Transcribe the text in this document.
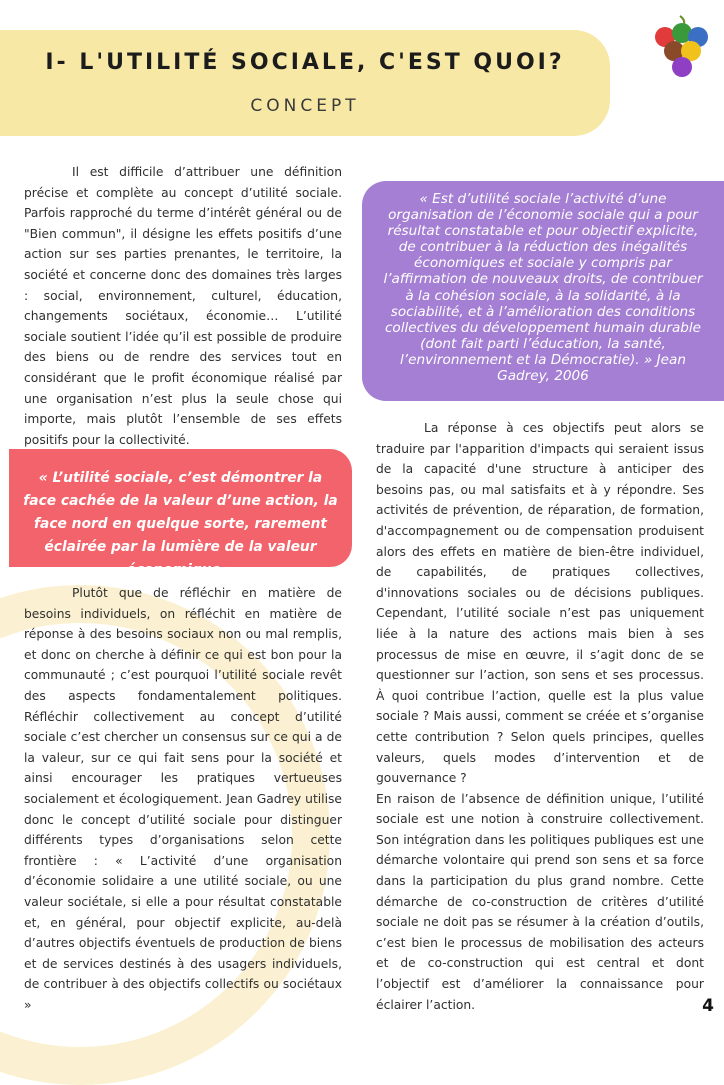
I- L'UTILITÉ SOCIALE, C'EST QUOI?
CONCEPT

Il est difficile d’attribuer une définition précise et complète au concept d’utilité sociale. Parfois rapproché du terme d’intérêt général ou de "Bien commun", il désigne les effets positifs d’une action sur ses parties prenantes, le territoire, la société et concerne donc des domaines très larges : social, environnement, culturel, éducation, changements sociétaux, économie… L’utilité sociale soutient l’idée qu’il est possible de produire des biens ou de rendre des services tout en considérant que le profit économique réalisé par une organisation n’est plus la seule chose qui importe, mais plutôt l’ensemble de ses effets positifs pour la collectivité.

« L’utilité sociale, c’est démontrer la face cachée de la valeur d’une action, la face nord en quelque sorte, rarement éclairée par la lumière de la valeur économique »

Plutôt que de réfléchir en matière de besoins individuels, on réfléchit en matière de réponse à des besoins sociaux non ou mal remplis, et donc on cherche à définir ce qui est bon pour la communauté ; c’est pourquoi l’utilité sociale revêt des aspects fondamentalement politiques. Réfléchir collectivement au concept d’utilité sociale c’est chercher un consensus sur ce qui a de la valeur, sur ce qui fait sens pour la société et ainsi encourager les pratiques vertueuses socialement et écologiquement. Jean Gadrey utilise donc le concept d’utilité sociale pour distinguer différents types d’organisations selon cette frontière : « L’activité d’une organisation d’économie solidaire a une utilité sociale, ou une valeur sociétale, si elle a pour résultat constatable et, en général, pour objectif explicite, au-delà d’autres objectifs éventuels de production de biens et de services destinés à des usagers individuels, de contribuer à des objectifs collectifs ou sociétaux »

« Est d’utilité sociale l’activité d’une organisation de l’économie sociale qui a pour résultat constatable et pour objectif explicite, de contribuer à la réduction des inégalités économiques et sociale y compris par l’affirmation de nouveaux droits, de contribuer à la cohésion sociale, à la solidarité, à la sociabilité, et à l’amélioration des conditions collectives du développement humain durable (dont fait parti l’éducation, la santé, l’environnement et la Démocratie). » Jean Gadrey, 2006

La réponse à ces objectifs peut alors se traduire par l'apparition d'impacts qui seraient issus de la capacité d'une structure à anticiper des besoins pas, ou mal satisfaits et à y répondre. Ses activités de prévention, de réparation, de formation, d'accompagnement ou de compensation produisent alors des effets en matière de bien-être individuel, de capabilités, de pratiques collectives, d'innovations sociales ou de décisions publiques. Cependant, l’utilité sociale n’est pas uniquement liée à la nature des actions mais bien à ses processus de mise en œuvre, il s’agit donc de se questionner sur l’action, son sens et ses processus. À quoi contribue l’action, quelle est la plus value sociale ? Mais aussi, comment se créée et s’organise cette contribution ? Selon quels principes, quelles valeurs, quels modes d’intervention et de gouvernance ?

En raison de l’absence de définition unique, l’utilité sociale est une notion à construire collectivement. Son intégration dans les politiques publiques est une démarche volontaire qui prend son sens et sa force dans la participation du plus grand nombre. Cette démarche de co-construction de critères d’utilité sociale ne doit pas se résumer à la création d’outils, c’est bien le processus de mobilisation des acteurs et de co-construction qui est central et dont l’objectif est d’améliorer la connaissance pour éclairer l’action.	4
